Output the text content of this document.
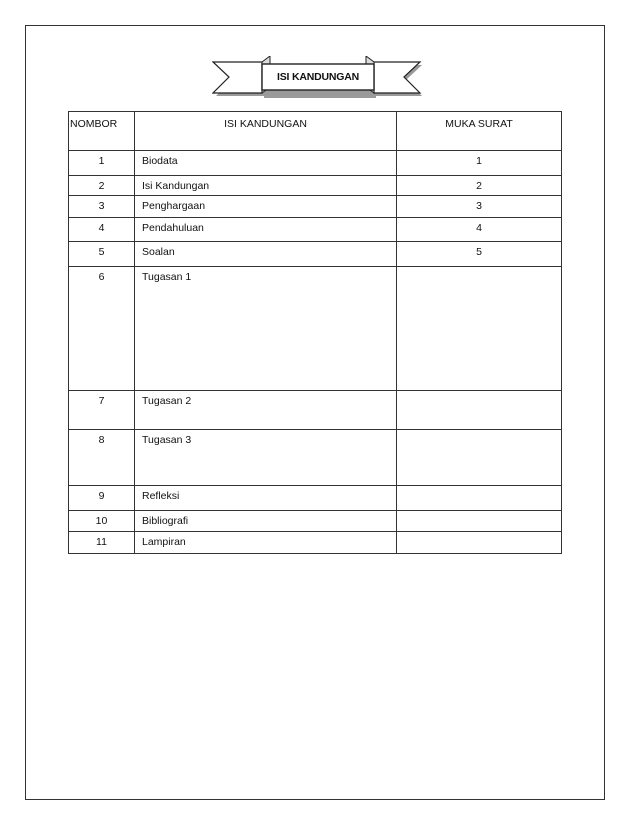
ISI KANDUNGAN
NOMBOR	ISI KANDUNGAN	MUKA SURAT
1	Biodata	1
2	Isi Kandungan	2
3	Penghargaan	3
4	Pendahuluan	4
5	Soalan	5
6	Tugasan 1	
7	Tugasan 2	
8	Tugasan 3	
9	Refleksi	
10	Bibliografi	
11	Lampiran	
